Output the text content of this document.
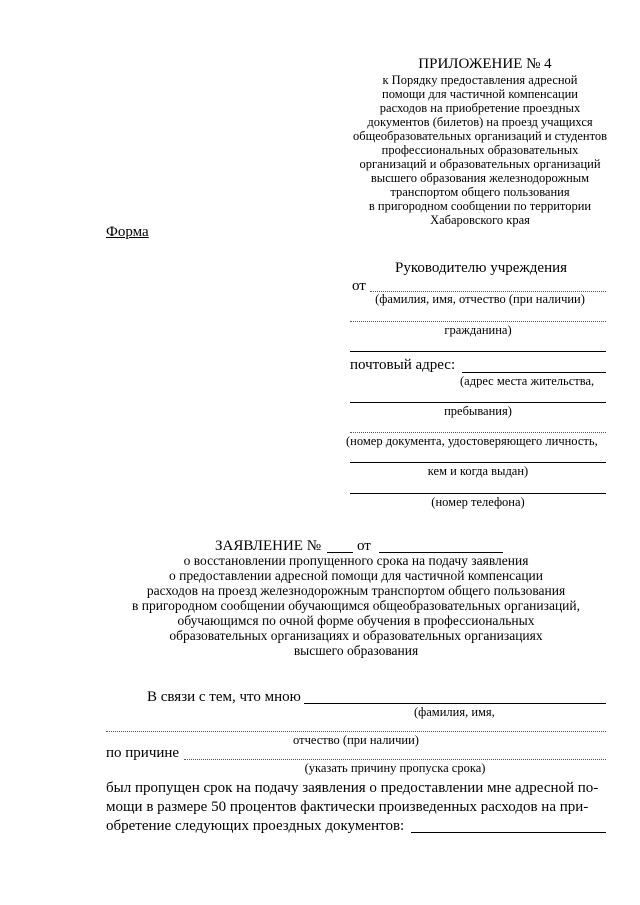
ПРИЛОЖЕНИЕ № 4
к Порядку предоставления адресной
помощи для частичной компенсации
расходов на приобретение проездных
документов (билетов) на проезд учащихся
общеобразовательных организаций и студентов
профессиональных образовательных
организаций и образовательных организаций
высшего образования железнодорожным
транспортом общего пользования
в пригородном сообщении по территории
Хабаровского края
Форма
Руководителю учреждения
от
(фамилия, имя, отчество (при наличии)
гражданина)
почтовый адрес:
(адрес места жительства,
пребывания)
(номер документа, удостоверяющего личность,
кем и когда выдан)
(номер телефона)
ЗАЯВЛЕНИЕ № от
о восстановлении пропущенного срока на подачу заявления
о предоставлении адресной помощи для частичной компенсации
расходов на проезд железнодорожным транспортом общего пользования
в пригородном сообщении обучающимся общеобразовательных организаций,
обучающимся по очной форме обучения в профессиональных
образовательных организациях и образовательных организациях
высшего образования
В связи с тем, что мною
(фамилия, имя,
отчество (при наличии)
по причине
(указать причину пропуска срока)
был пропущен срок на подачу заявления о предоставлении мне адресной по-
мощи в размере 50 процентов фактически произведенных расходов на при-
обретение следующих проездных документов:
